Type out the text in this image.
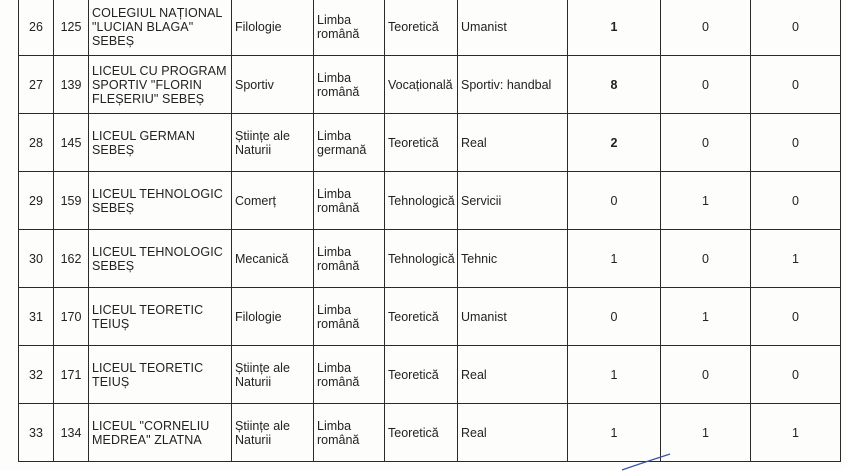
26	125	COLEGIUL NAȚIONAL "LUCIAN BLAGA" SEBEȘ	Filologie	Limba română	Teoretică	Umanist	1	0	0
27	139	LICEUL CU PROGRAM SPORTIV "FLORIN FLEȘERIU" SEBEȘ	Sportiv	Limba română	Vocațională	Sportiv: handbal	8	0	0
28	145	LICEUL GERMAN SEBEȘ	Științe ale Naturii	Limba germană	Teoretică	Real	2	0	0
29	159	LICEUL TEHNOLOGIC SEBEȘ	Comerț	Limba română	Tehnologică	Servicii	0	1	0
30	162	LICEUL TEHNOLOGIC SEBEȘ	Mecanică	Limba română	Tehnologică	Tehnic	1	0	1
31	170	LICEUL TEORETIC TEIUȘ	Filologie	Limba română	Teoretică	Umanist	0	1	0
32	171	LICEUL TEORETIC TEIUȘ	Științe ale Naturii	Limba română	Teoretică	Real	1	0	0
33	134	LICEUL "CORNELIU MEDREA" ZLATNA	Științe ale Naturii	Limba română	Teoretică	Real	1	1	1
